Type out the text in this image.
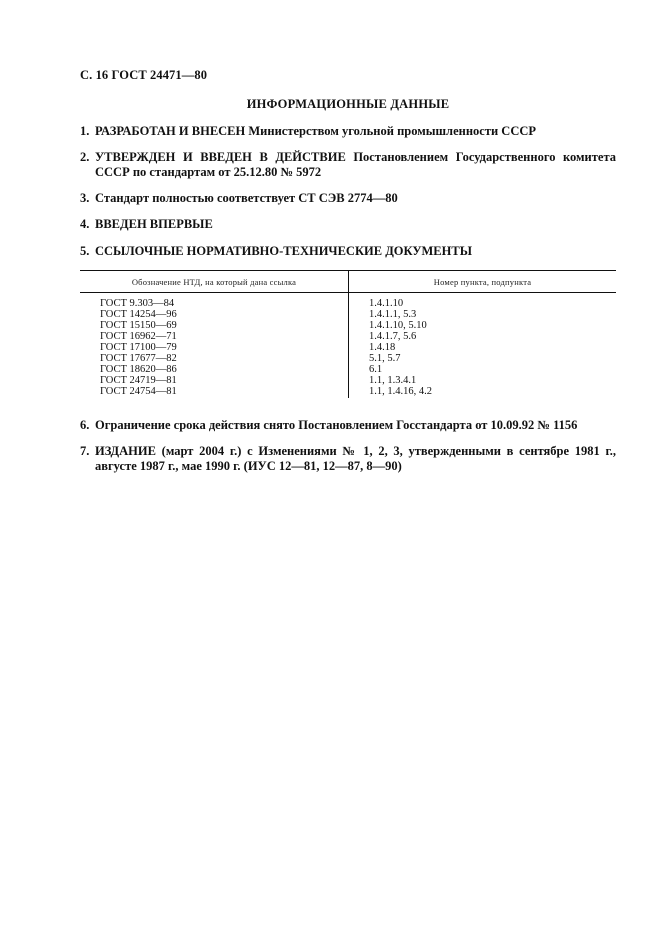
С. 16 ГОСТ 24471—80
ИНФОРМАЦИОННЫЕ ДАННЫЕ
1. РАЗРАБОТАН И ВНЕСЕН Министерством угольной промышленности СССР
2. УТВЕРЖДЕН И ВВЕДЕН В ДЕЙСТВИЕ Постановлением Государственного комитета СССР по стандартам от 25.12.80 № 5972
3. Стандарт полностью соответствует СТ СЭВ 2774—80
4. ВВЕДЕН ВПЕРВЫЕ
5. ССЫЛОЧНЫЕ НОРМАТИВНО-ТЕХНИЧЕСКИЕ ДОКУМЕНТЫ
Обозначение НТД, на который дана ссылка	Номер пункта, подпункта

ГОСТ 9.303—84	1.4.1.10
ГОСТ 14254—96	1.4.1.1, 5.3
ГОСТ 15150—69	1.4.1.10, 5.10
ГОСТ 16962—71	1.4.1.7, 5.6
ГОСТ 17100—79	1.4.18
ГОСТ 17677—82	5.1, 5.7
ГОСТ 18620—86	6.1
ГОСТ 24719—81	1.1, 1.3.4.1
ГОСТ 24754—81	1.1, 1.4.16, 4.2

6. Ограничение срока действия снято Постановлением Госстандарта от 10.09.92 № 1156
7. ИЗДАНИЕ (март 2004 г.) с Изменениями № 1, 2, 3, утвержденными в сентябре 1981 г., августе 1987 г., мае 1990 г. (ИУС 12—81, 12—87, 8—90)
